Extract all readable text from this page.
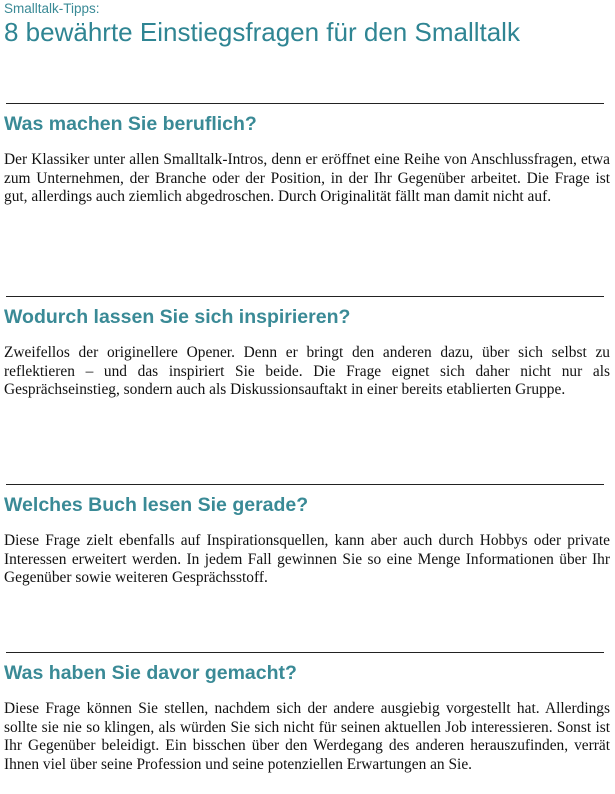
Smalltalk-Tipps:
8 bewährte Einstiegsfragen für den Smalltalk
Was machen Sie beruflich?

Der Klassiker unter allen Smalltalk-Intros, denn er eröffnet eine Reihe von Anschlussfragen, etwa zum Unternehmen, der Branche oder der Position, in der Ihr Gegenüber arbeitet. Die Frage ist gut, allerdings auch ziemlich abgedroschen. Durch Originalität fällt man damit nicht auf.

Wodurch lassen Sie sich inspirieren?

Zweifellos der originellere Opener. Denn er bringt den anderen dazu, über sich selbst zu reflektieren – und das inspiriert Sie beide. Die Frage eignet sich daher nicht nur als Gesprächseinstieg, sondern auch als Diskussionsauftakt in einer bereits etablierten Gruppe.

Welches Buch lesen Sie gerade?

Diese Frage zielt ebenfalls auf Inspirationsquellen, kann aber auch durch Hobbys oder private Interessen erweitert werden. In jedem Fall gewinnen Sie so eine Menge Informationen über Ihr Gegenüber sowie weiteren Gesprächsstoff.

Was haben Sie davor gemacht?

Diese Frage können Sie stellen, nachdem sich der andere ausgiebig vorgestellt hat. Allerdings sollte sie nie so klingen, als würden Sie sich nicht für seinen aktuellen Job interessieren. Sonst ist Ihr Gegenüber beleidigt. Ein bisschen über den Werdegang des anderen herauszufinden, verrät Ihnen viel über seine Profession und seine potenziellen Erwartungen an Sie.
